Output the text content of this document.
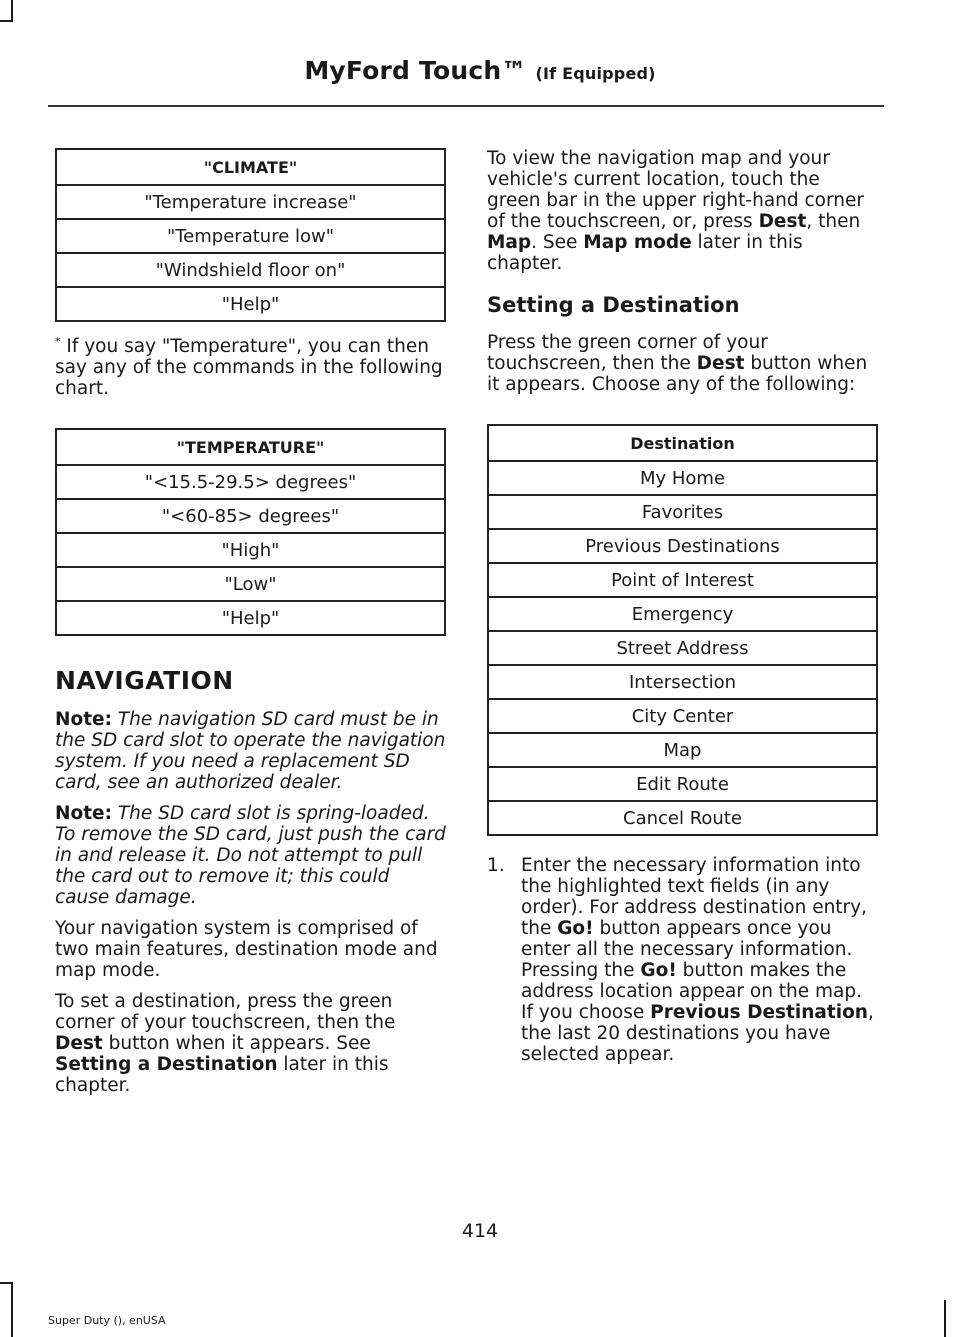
MyFord Touch™ (If Equipped)
"CLIMATE"
"Temperature increase"
"Temperature low"
"Windshield floor on"
"Help"

* If you say "Temperature", you can then say any of the commands in the following chart.

"TEMPERATURE"
"<15.5-29.5> degrees"
"<60-85> degrees"
"High"
"Low"
"Help"
NAVIGATION

Note: The navigation SD card must be in the SD card slot to operate the navigation system. If you need a replacement SD card, see an authorized dealer.

Note: The SD card slot is spring-loaded. To remove the SD card, just push the card in and release it. Do not attempt to pull the card out to remove it; this could cause damage.

Your navigation system is comprised of two main features, destination mode and map mode.

To set a destination, press the green corner of your touchscreen, then the Dest button when it appears. See Setting a Destination later in this chapter.

To view the navigation map and your vehicle's current location, touch the green bar in the upper right-hand corner of the touchscreen, or, press Dest, then Map. See Map mode later in this chapter.

Setting a Destination

Press the green corner of your touchscreen, then the Dest button when it appears. Choose any of the following:

Destination
My Home
Favorites
Previous Destinations
Point of Interest
Emergency
Street Address
Intersection
City Center
Map
Edit Route
Cancel Route
1. Enter the necessary information into the highlighted text fields (in any order). For address destination entry, the Go! button appears once you enter all the necessary information. Pressing the Go! button makes the address location appear on the map. If you choose Previous Destination, the last 20 destinations you have selected appear.
414
Super Duty (), enUSA
